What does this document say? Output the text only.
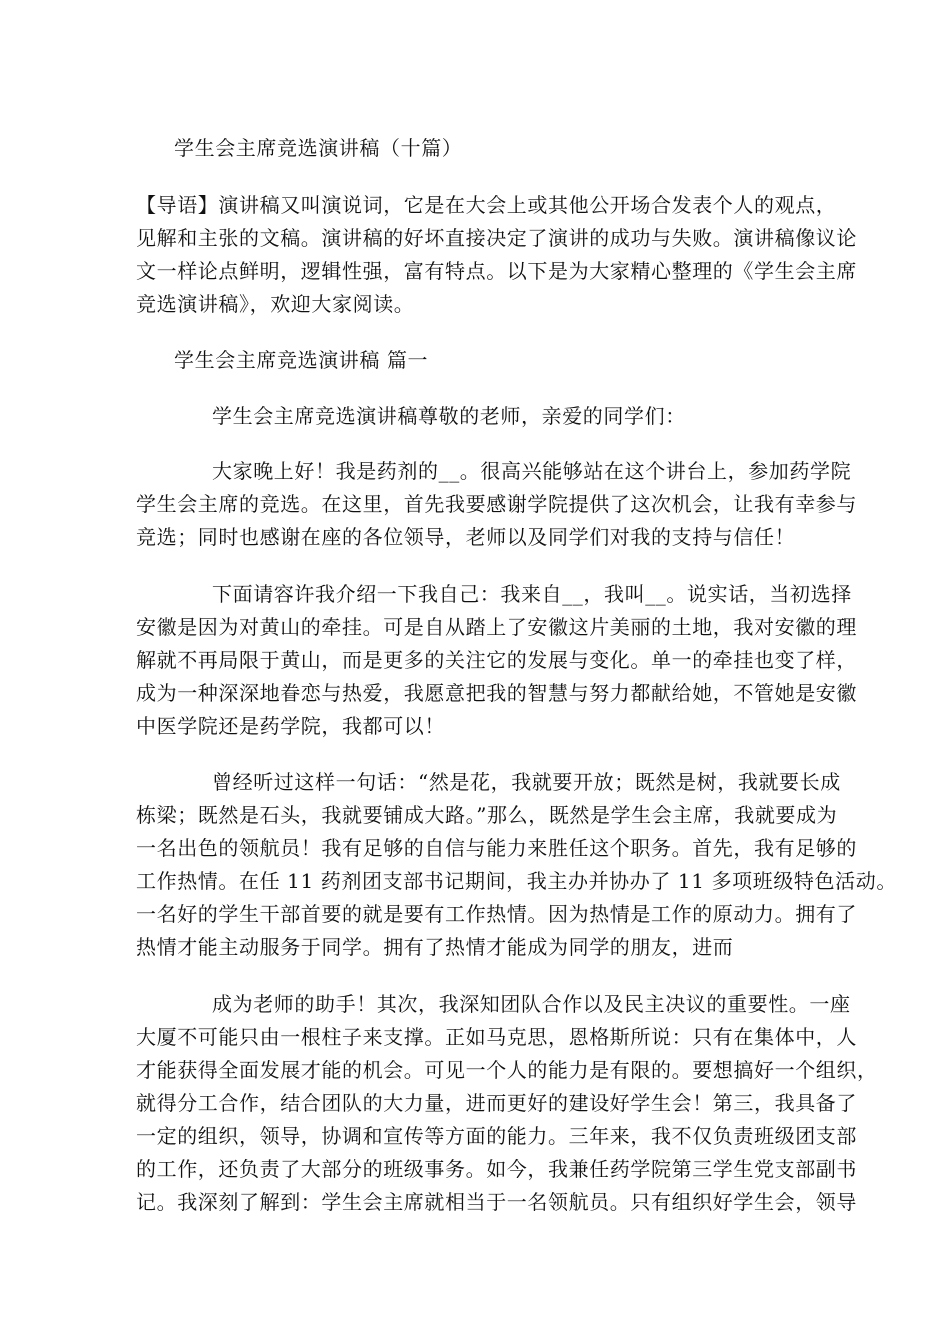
学生会主席竞选演讲稿（十篇）
【导语】演讲稿又叫演说词，它是在大会上或其他公开场合发表个人的观点，
见解和主张的文稿。演讲稿的好坏直接决定了演讲的成功与失败。演讲稿像议论
文一样论点鲜明，逻辑性强，富有特点。以下是为大家精心整理的《学生会主席
竞选演讲稿》，欢迎大家阅读。
学生会主席竞选演讲稿 篇一
学生会主席竞选演讲稿尊敬的老师，亲爱的同学们：
大家晚上好！我是药剂的__。很高兴能够站在这个讲台上，参加药学院
学生会主席的竞选。在这里，首先我要感谢学院提供了这次机会，让我有幸参与
竞选；同时也感谢在座的各位领导，老师以及同学们对我的支持与信任！
下面请容许我介绍一下我自己：我来自__，我叫__。说实话，当初选择
安徽是因为对黄山的牵挂。可是自从踏上了安徽这片美丽的土地，我对安徽的理
解就不再局限于黄山，而是更多的关注它的发展与变化。单一的牵挂也变了样，
成为一种深深地眷恋与热爱，我愿意把我的智慧与努力都献给她，不管她是安徽
中医学院还是药学院，我都可以！
曾经听过这样一句话：“然是花，我就要开放；既然是树，我就要长成
栋梁；既然是石头，我就要铺成大路。”那么，既然是学生会主席，我就要成为
一名出色的领航员！我有足够的自信与能力来胜任这个职务。首先，我有足够的
工作热情。在任 11 药剂团支部书记期间，我主办并协办了 11 多项班级特色活动。
一名好的学生干部首要的就是要有工作热情。因为热情是工作的原动力。拥有了
热情才能主动服务于同学。拥有了热情才能成为同学的朋友，进而
成为老师的助手！其次，我深知团队合作以及民主决议的重要性。一座
大厦不可能只由一根柱子来支撑。正如马克思，恩格斯所说：只有在集体中，人
才能获得全面发展才能的机会。可见一个人的能力是有限的。要想搞好一个组织，
就得分工合作，结合团队的大力量，进而更好的建设好学生会！第三，我具备了
一定的组织，领导，协调和宣传等方面的能力。三年来，我不仅负责班级团支部
的工作，还负责了大部分的班级事务。如今，我兼任药学院第三学生党支部副书
记。我深刻了解到：学生会主席就相当于一名领航员。只有组织好学生会，领导
